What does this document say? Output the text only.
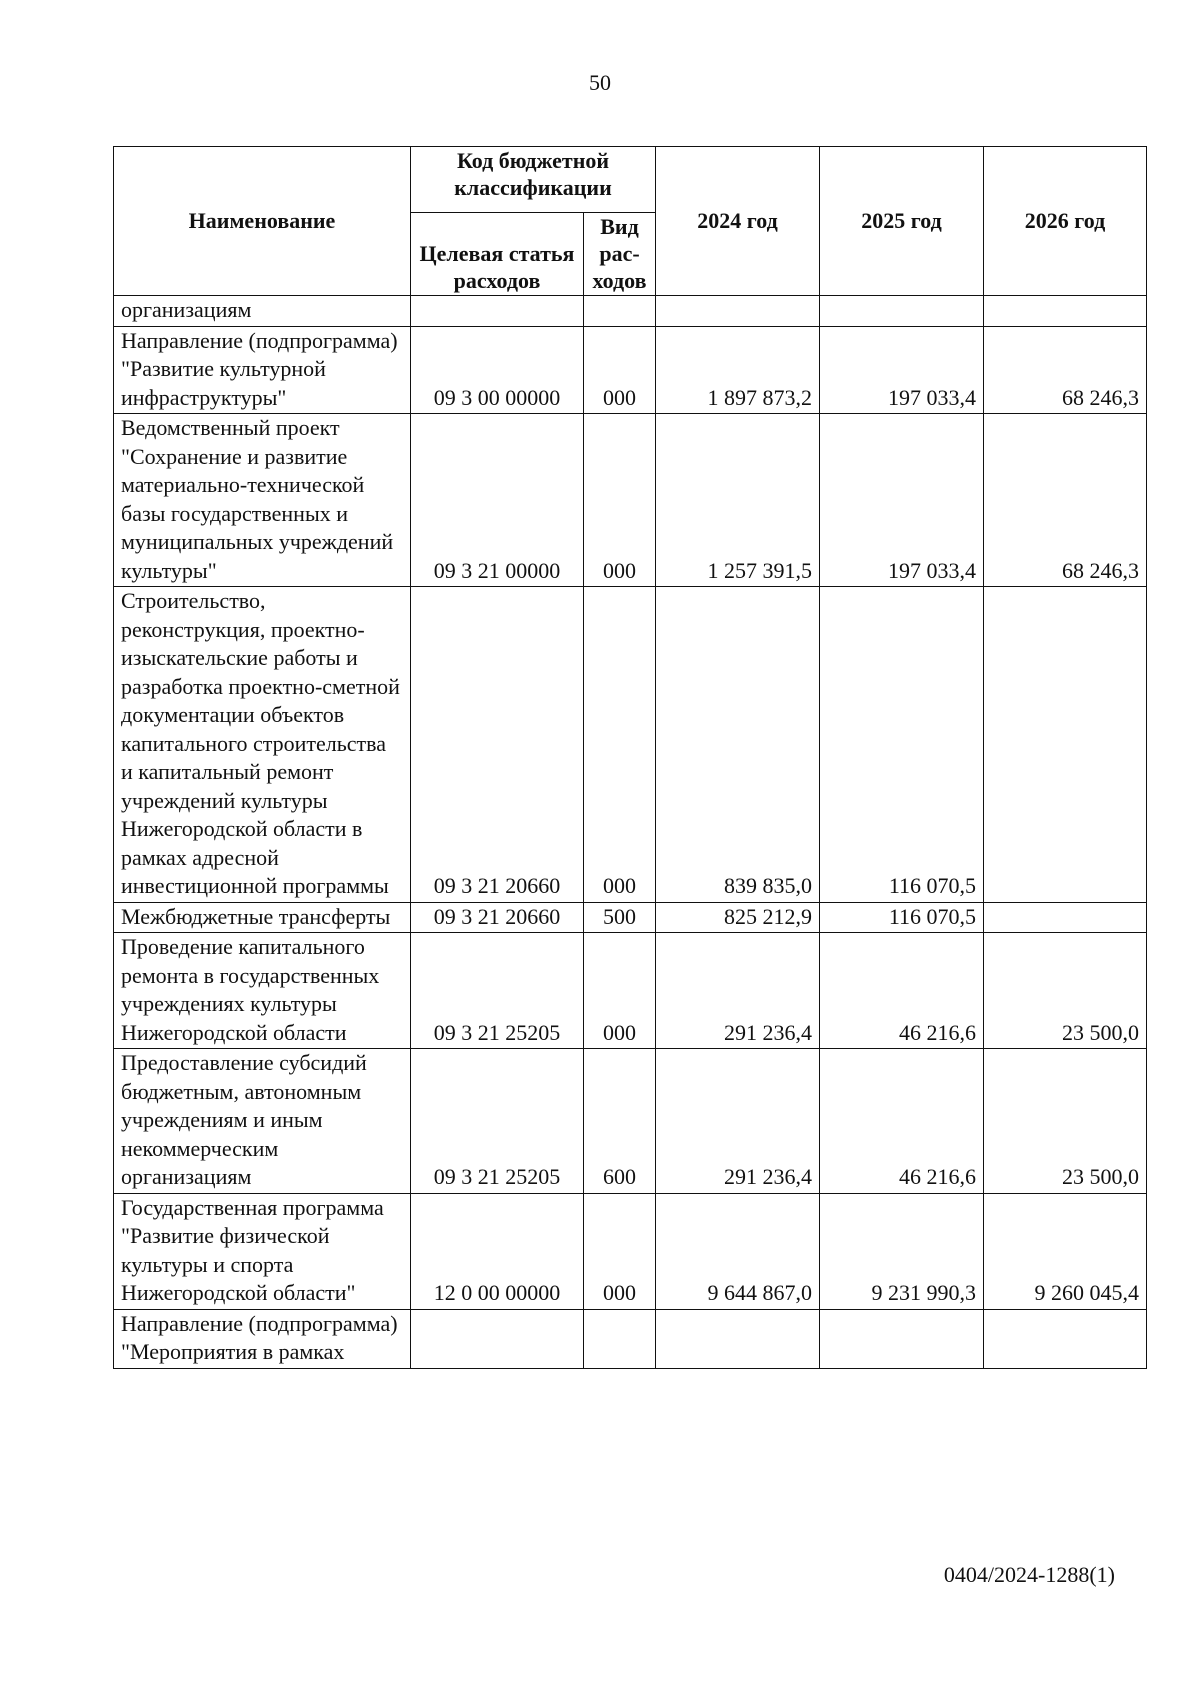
50
Наименование	Код бюджетной классификации		2024 год	2025 год	2026 год
	Целевая статья расходов	Вид рас-ходов			
организациям					
Направление (подпрограмма) "Развитие культурной инфраструктуры"	09 3 00 00000	000	1 897 873,2	197 033,4	68 246,3
Ведомственный проект "Сохранение и развитие материально-технической базы государственных и муниципальных учреждений культуры"	09 3 21 00000	000	1 257 391,5	197 033,4	68 246,3
Строительство, реконструкция, проектно-изыскательские работы и разработка проектно-сметной документации объектов капитального строительства и капитальный ремонт учреждений культуры Нижегородской области в рамках адресной инвестиционной программы	09 3 21 20660	000	839 835,0	116 070,5	
Межбюджетные трансферты	09 3 21 20660	500	825 212,9	116 070,5	
Проведение капитального ремонта в государственных учреждениях культуры Нижегородской области	09 3 21 25205	000	291 236,4	46 216,6	23 500,0
Предоставление субсидий бюджетным, автономным учреждениям и иным некоммерческим организациям	09 3 21 25205	600	291 236,4	46 216,6	23 500,0
Государственная программа "Развитие физической культуры и спорта Нижегородской области"	12 0 00 00000	000	9 644 867,0	9 231 990,3	9 260 045,4
Направление (подпрограмма) "Мероприятия в рамках					
0404/2024-1288(1)
